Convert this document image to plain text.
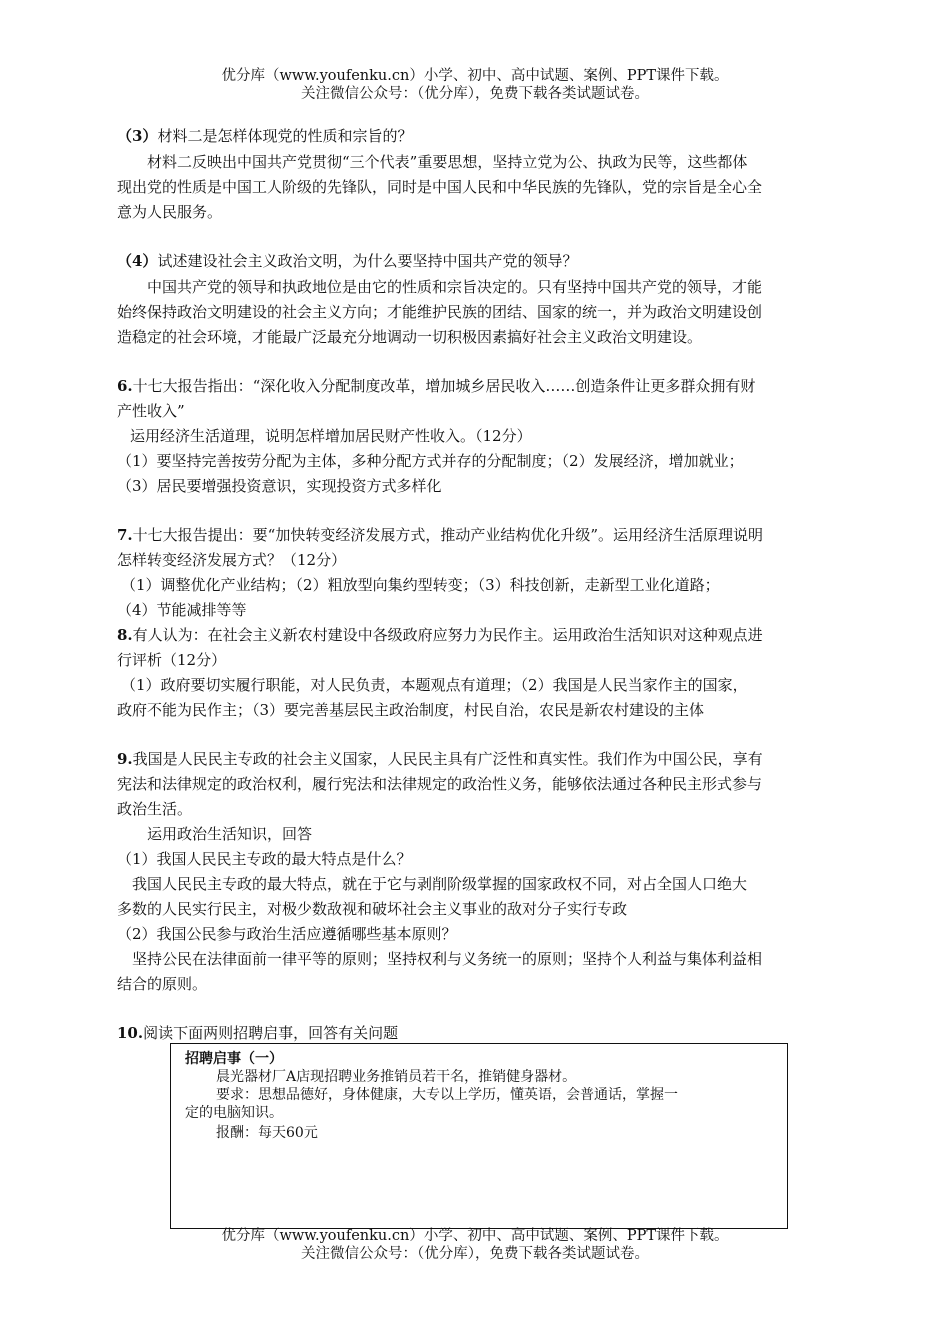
优分库（www.youfenku.cn）小学、初中、高中试题、案例、PPT课件下载。
关注微信公众号：（优分库），免费下载各类试题试卷。
（3）材料二是怎样体现党的性质和宗旨的？
材料二反映出中国共产党贯彻“三个代表”重要思想，坚持立党为公、执政为民等，这些都体
现出党的性质是中国工人阶级的先锋队，同时是中国人民和中华民族的先锋队，党的宗旨是全心全
意为人民服务。
（4）试述建设社会主义政治文明，为什么要坚持中国共产党的领导？
中国共产党的领导和执政地位是由它的性质和宗旨决定的。只有坚持中国共产党的领导，才能
始终保持政治文明建设的社会主义方向；才能维护民族的团结、国家的统一，并为政治文明建设创
造稳定的社会环境，才能最广泛最充分地调动一切积极因素搞好社会主义政治文明建设。
6.十七大报告指出：“深化收入分配制度改革，增加城乡居民收入……创造条件让更多群众拥有财
产性收入”
运用经济生活道理，说明怎样增加居民财产性收入。（12分）
（1）要坚持完善按劳分配为主体，多种分配方式并存的分配制度；（2）发展经济，增加就业；
（3）居民要增强投资意识，实现投资方式多样化
7.十七大报告提出：要“加快转变经济发展方式，推动产业结构优化升级”。运用经济生活原理说明
怎样转变经济发展方式？（12分）
（1）调整优化产业结构；（2）粗放型向集约型转变；（3）科技创新，走新型工业化道路；
（4）节能减排等等
8.有人认为：在社会主义新农村建设中各级政府应努力为民作主。运用政治生活知识对这种观点进
行评析（12分）
（1）政府要切实履行职能，对人民负责，本题观点有道理；（2）我国是人民当家作主的国家，
政府不能为民作主；（3）要完善基层民主政治制度，村民自治，农民是新农村建设的主体
9.我国是人民民主专政的社会主义国家，人民民主具有广泛性和真实性。我们作为中国公民，享有
宪法和法律规定的政治权利，履行宪法和法律规定的政治性义务，能够依法通过各种民主形式参与
政治生活。
运用政治生活知识，回答
（1）我国人民民主专政的最大特点是什么？
我国人民民主专政的最大特点，就在于它与剥削阶级掌握的国家政权不同，对占全国人口绝大
多数的人民实行民主，对极少数敌视和破坏社会主义事业的敌对分子实行专政
（2）我国公民参与政治生活应遵循哪些基本原则？
坚持公民在法律面前一律平等的原则；坚持权利与义务统一的原则；坚持个人利益与集体利益相
结合的原则。
10.阅读下面两则招聘启事，回答有关问题
招聘启事（一）
晨光器材厂A店现招聘业务推销员若干名，推销健身器材。
要求：思想品德好，身体健康，大专以上学历，懂英语，会普通话，掌握一
定的电脑知识。
报酬：每天60元
优分库（www.youfenku.cn）小学、初中、高中试题、案例、PPT课件下载。
关注微信公众号：（优分库），免费下载各类试题试卷。
